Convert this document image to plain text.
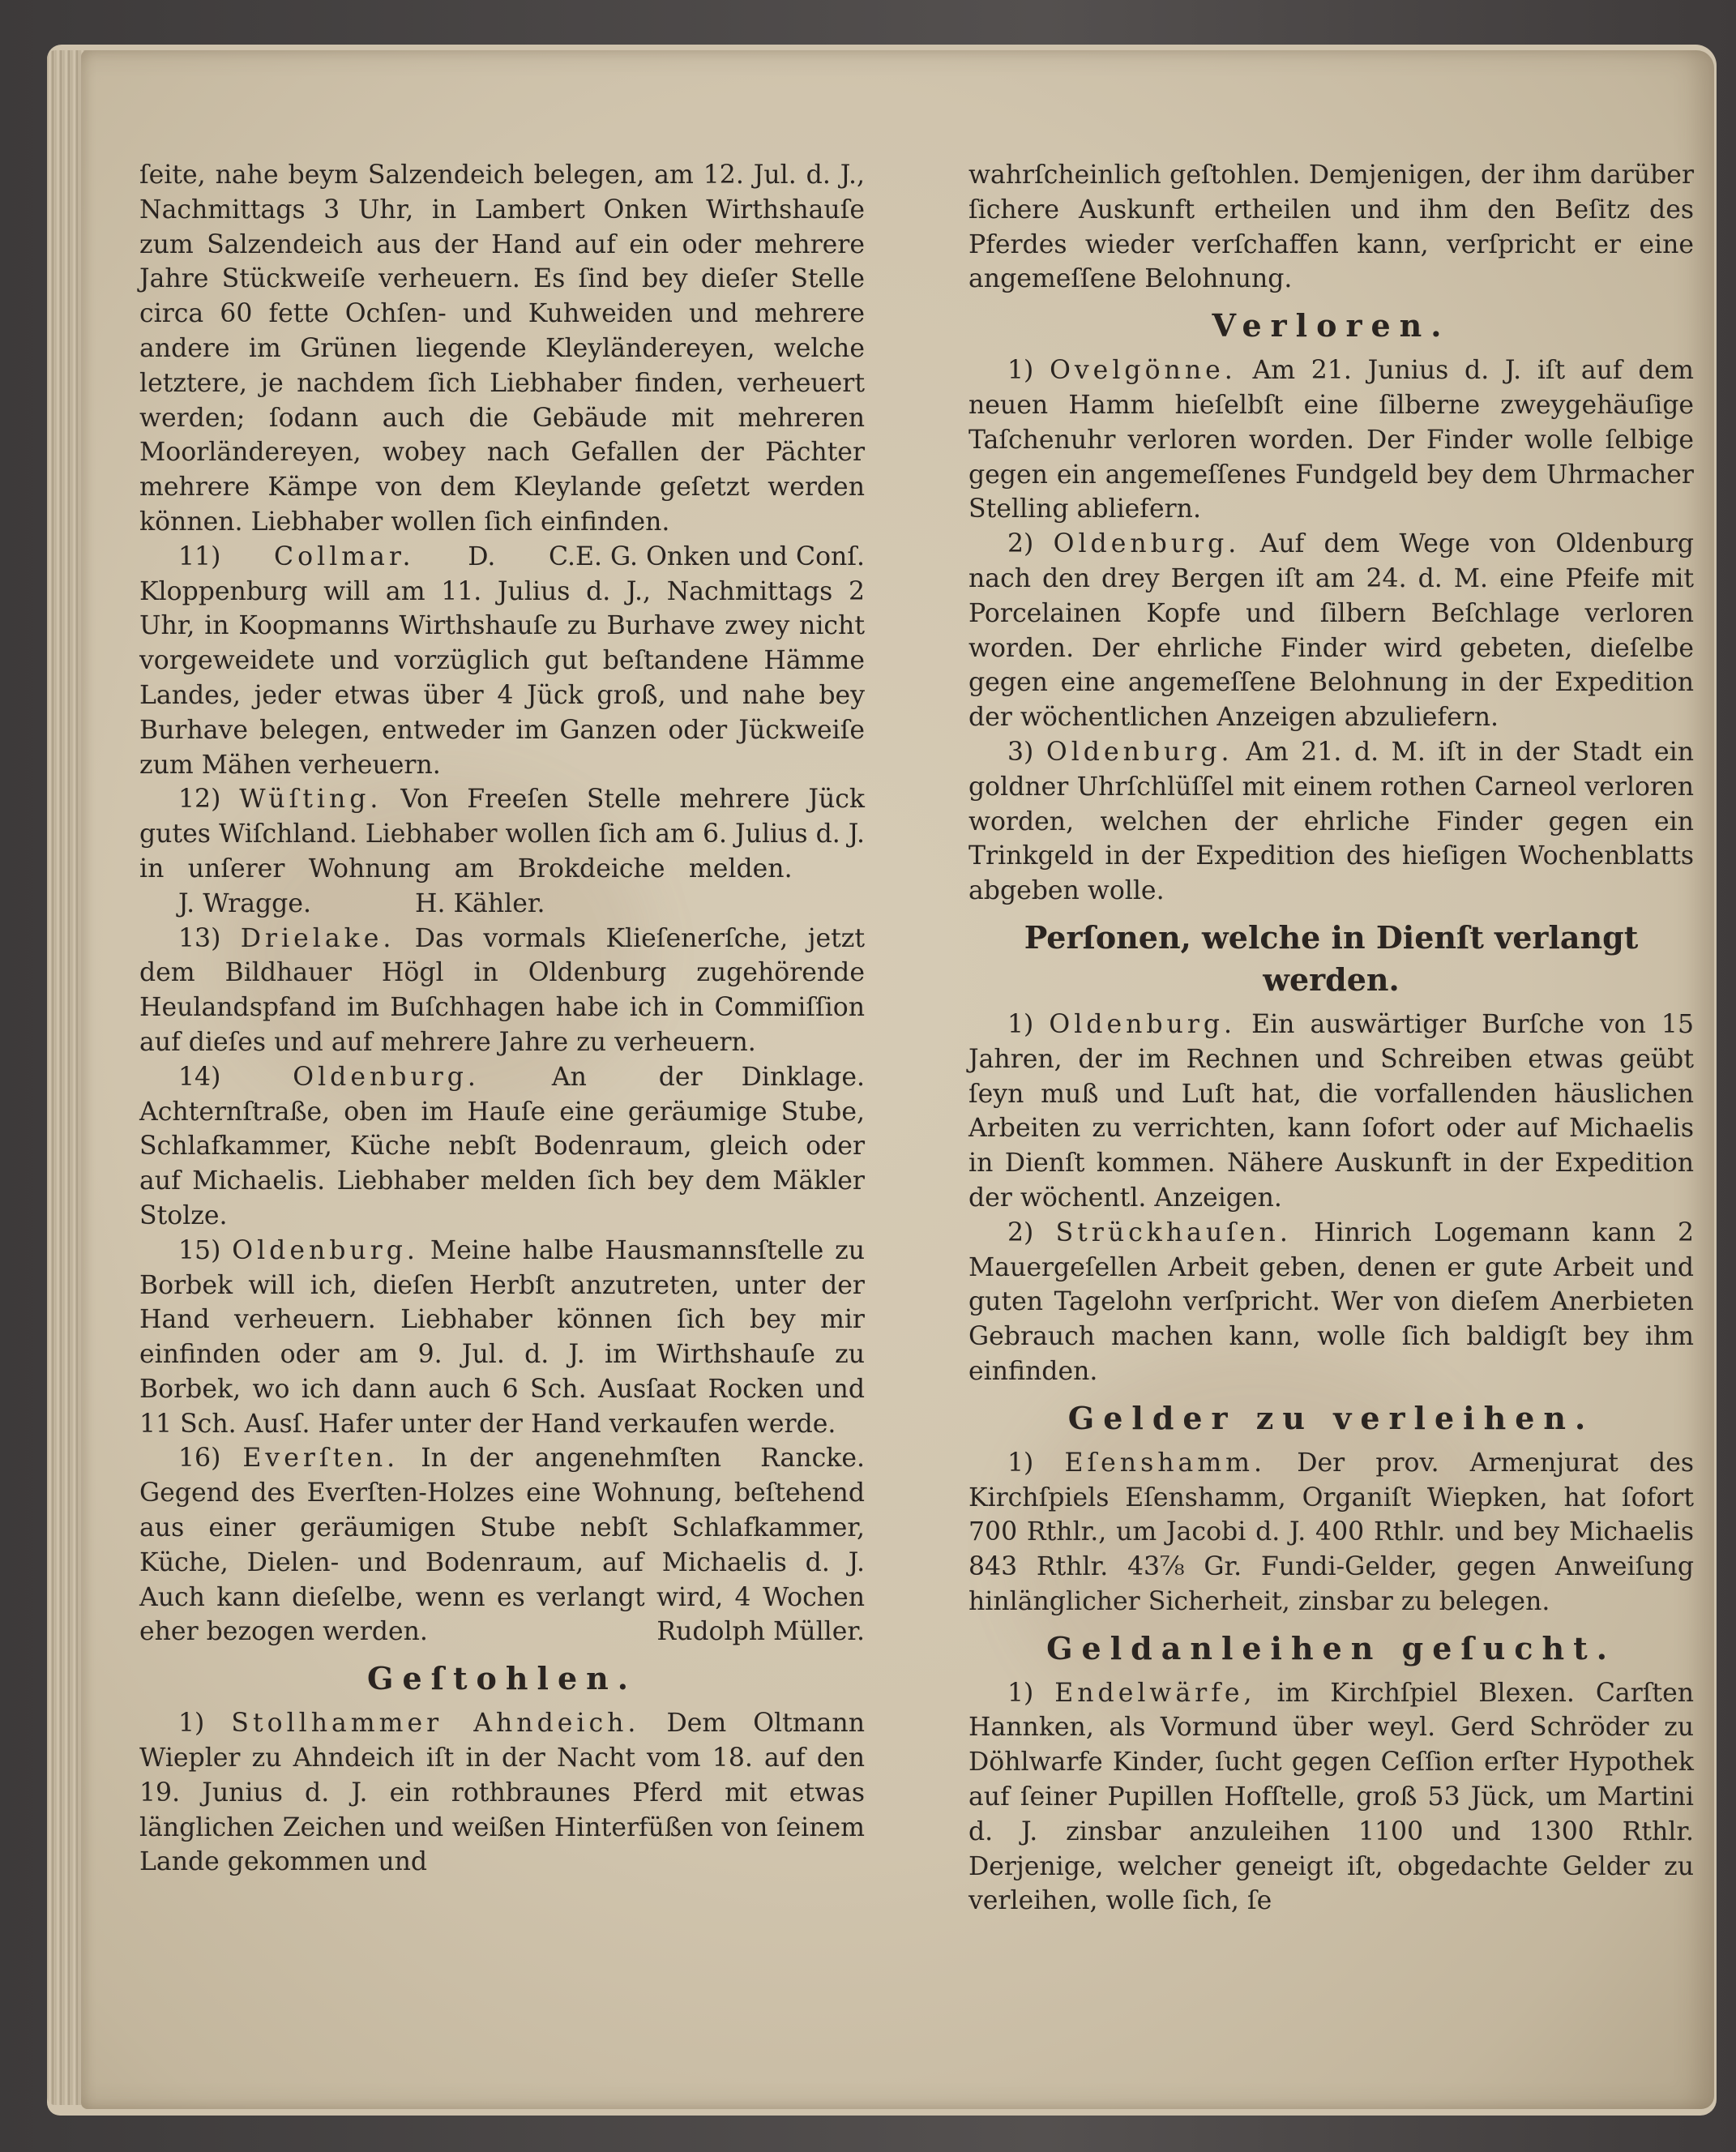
ſeite, nahe beym Salzendeich belegen, am 12. Jul. d. J., Nachmittags 3 Uhr, in Lambert Onken Wirthshauſe zum Salzendeich aus der Hand auf ein oder mehrere Jahre Stückweiſe verheuern. Es ſind bey dieſer Stelle circa 60 fette Ochſen- und Kuhweiden und mehrere andere im Grünen liegende Kleyländereyen, welche letztere, je nachdem ſich Liebhaber finden, verheuert werden; ſodann auch die Gebäude mit mehreren Moorländereyen, wobey nach Gefallen der Pächter mehrere Kämpe von dem Kleylande geſetzt werden können. Liebhaber wollen ſich einfinden.
E. G. Onken und Conſ.

11) Collmar. D. C. Kloppenburg will am 11. Julius d. J., Nachmittags 2 Uhr, in Koopmanns Wirthshauſe zu Burhave zwey nicht vorgeweidete und vorzüglich gut beſtandene Hämme Landes, jeder etwas über 4 Jück groß, und nahe bey Burhave belegen, entweder im Ganzen oder Jückweiſe zum Mähen verheuern.

12) Wüſting. Von Freeſen Stelle mehrere Jück gutes Wiſchland. Liebhaber wollen ſich am 6. Julius d. J. in unſerer Wohnung am Brokdeiche melden.  J. Wragge.	H. Kähler.

13) Drielake. Das vormals Klieſenerſche, jetzt dem Bildhauer Högl in Oldenburg zugehörende Heulandspfand im Buſchhagen habe ich in Commiſſion auf dieſes und auf mehrere Jahre zu verheuern.
Dinklage.

14)	Oldenburg.	An der Achternſtraße, oben im Hauſe eine geräumige Stube, Schlafkammer, Küche nebſt Bodenraum, gleich oder auf Michaelis. Liebhaber melden ſich bey dem Mäkler Stolze.

15) Oldenburg. Meine halbe Hausmannsſtelle zu Borbek will ich, dieſen Herbſt anzutreten, unter der Hand verheuern. Liebhaber können ſich bey mir einfinden oder am 9. Jul. d. J. im Wirthshauſe zu Borbek, wo ich dann auch 6 Sch. Ausſaat Rocken und 11 Sch. Ausſ. Hafer unter der Hand verkaufen werde.
Rancke.

16) Everſten. In der angenehmſten Gegend des Everſten-Holzes eine Wohnung, beſtehend aus einer geräumigen Stube nebſt Schlafkammer, Küche, Dielen- und Bodenraum, auf Michaelis d. J. Auch kann dieſelbe, wenn es verlangt wird, 4 Wochen eher bezogen werden.	Rudolph Müller.

Geſtohlen.

1) Stollhammer Ahndeich. Dem Oltmann Wiepler zu Ahndeich iſt in der Nacht vom 18. auf den 19. Junius d. J. ein rothbraunes Pferd mit etwas länglichen Zeichen und weißen Hinterfüßen von ſeinem Lande gekommen und

wahrſcheinlich geſtohlen. Demjenigen, der ihm darüber ſichere Auskunft ertheilen und ihm den Beſitz des Pferdes wieder verſchaffen kann, verſpricht er eine angemeſſene Belohnung.

Verloren.

1) Ovelgönne. Am 21. Junius d. J. iſt auf dem neuen Hamm hieſelbſt eine ſilberne zweygehäuſige Taſchenuhr verloren worden. Der Finder wolle ſelbige gegen ein angemeſſenes Fundgeld bey dem Uhrmacher Stelling abliefern.

2) Oldenburg. Auf dem Wege von Oldenburg nach den drey Bergen iſt am 24. d. M. eine Pfeife mit Porcelainen Kopfe und ſilbern Beſchlage verloren worden. Der ehrliche Finder wird gebeten, dieſelbe gegen eine angemeſſene Belohnung in der Expedition der wöchentlichen Anzeigen abzuliefern.

3) Oldenburg. Am 21. d. M. iſt in der Stadt ein goldner Uhrſchlüſſel mit einem rothen Carneol verloren worden, welchen der ehrliche Finder gegen ein Trinkgeld in der Expedition des hieſigen Wochenblatts abgeben wolle.

Perſonen, welche in Dienſt verlangt werden.

1) Oldenburg. Ein auswärtiger Burſche von 15 Jahren, der im Rechnen und Schreiben etwas geübt ſeyn muß und Luſt hat, die vorfallenden häuslichen Arbeiten zu verrichten, kann ſofort oder auf Michaelis in Dienſt kommen. Nähere Auskunft in der Expedition der wöchentl. Anzeigen.

2) Strückhauſen. Hinrich Logemann kann 2 Mauergeſellen Arbeit geben, denen er gute Arbeit und guten Tagelohn verſpricht. Wer von dieſem Anerbieten Gebrauch machen kann, wolle ſich baldigſt bey ihm einfinden.

Gelder zu verleihen.

1) Eſenshamm. Der prov. Armenjurat des Kirchſpiels Eſenshamm, Organiſt Wiepken, hat ſofort 700 Rthlr., um Jacobi d. J. 400 Rthlr. und bey Michaelis 843 Rthlr. 43⅞ Gr. Fundi-Gelder, gegen Anweiſung hinlänglicher Sicherheit, zinsbar zu belegen.

Geldanleihen geſucht.

1) Endelwärfe, im Kirchſpiel Blexen. Carſten Hannken, als Vormund über weyl. Gerd Schröder zu Döhlwarfe Kinder, ſucht gegen Ceſſion erſter Hypothek auf ſeiner Pupillen Hofſtelle, groß 53 Jück, um Martini d. J. zinsbar anzuleihen 1100 und 1300 Rthlr. Derjenige, welcher geneigt iſt, obgedachte Gelder zu verleihen, wolle ſich, ſe
